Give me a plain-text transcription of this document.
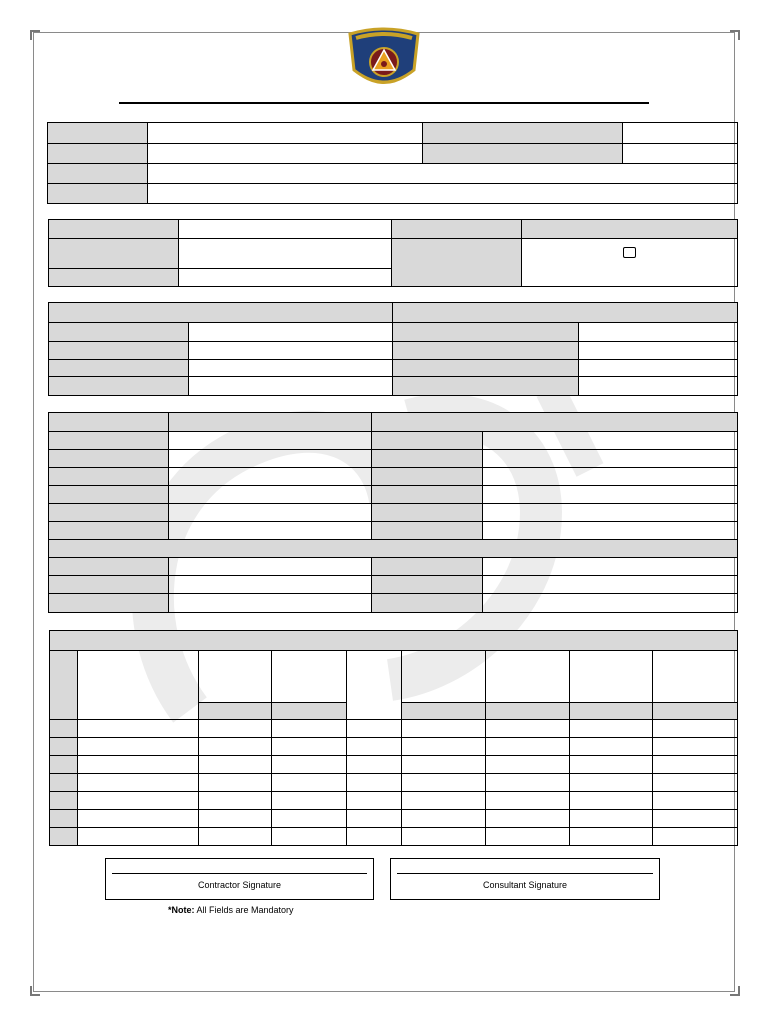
Contractor Signature	Consultant Signature
*Note: All Fields are Mandatory
